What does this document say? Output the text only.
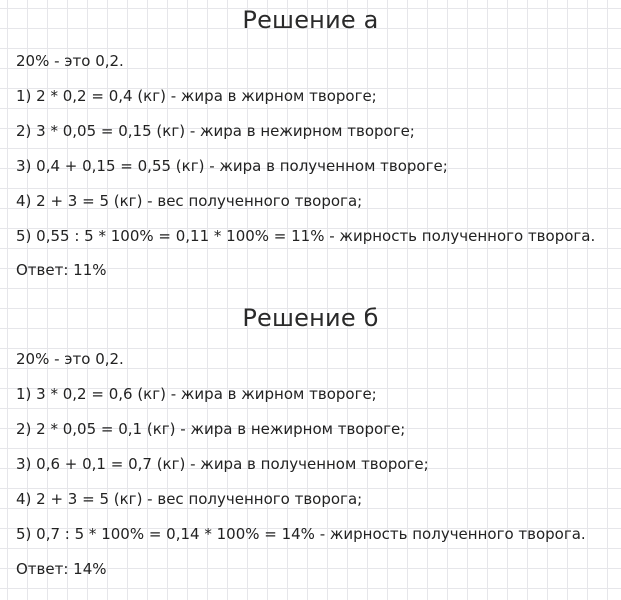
Решение а
20% - это 0,2.
1) 2 * 0,2 = 0,4 (кг) - жира в жирном твороге;
2) 3 * 0,05 = 0,15 (кг) - жира в нежирном твороге;
3) 0,4 + 0,15 = 0,55 (кг) - жира в полученном твороге;
4) 2 + 3 = 5 (кг) - вес полученного творога;
5) 0,55 : 5 * 100% = 0,11 * 100% = 11% - жирность полученного творога.
Ответ: 11%
Решение б
20% - это 0,2.
1) 3 * 0,2 = 0,6 (кг) - жира в жирном твороге;
2) 2 * 0,05 = 0,1 (кг) - жира в нежирном твороге;
3) 0,6 + 0,1 = 0,7 (кг) - жира в полученном твороге;
4) 2 + 3 = 5 (кг) - вес полученного творога;
5) 0,7 : 5 * 100% = 0,14 * 100% = 14% - жирность полученного творога.
Ответ: 14%
